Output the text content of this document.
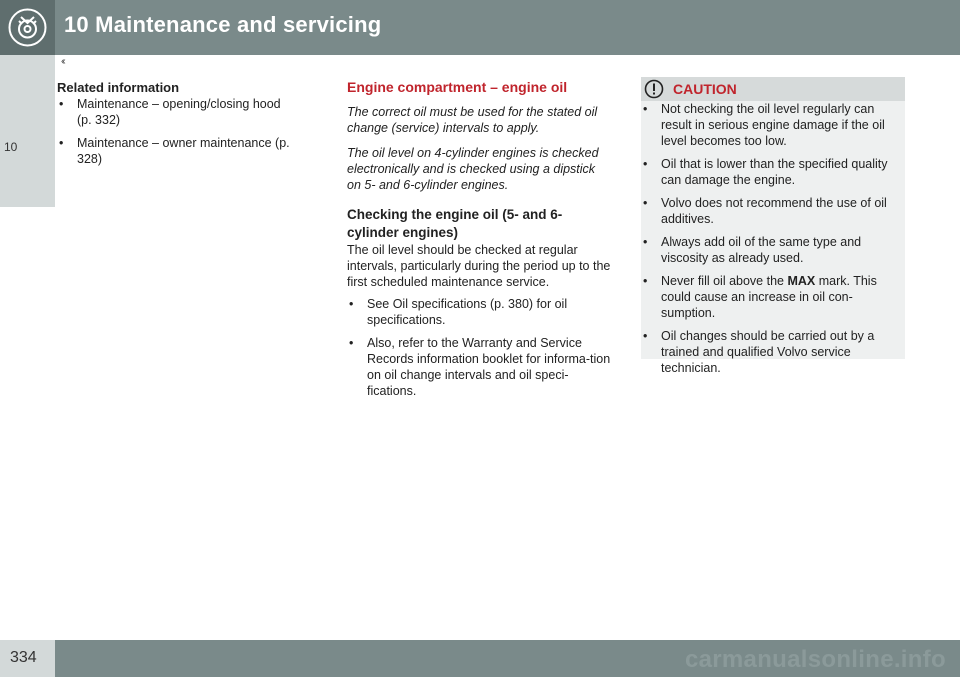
10 Maintenance and servicing
10
‹‹
Related information
• Maintenance – opening/closing hood (p. 332)
• Maintenance – owner maintenance (p. 328)
Engine compartment – engine oil

The correct oil must be used for the stated oil change (service) intervals to apply.

The oil level on 4-cylinder engines is checked electronically and is checked using a dipstick on 5- and 6-cylinder engines.

Checking the engine oil (5- and 6-cylinder engines)

The oil level should be checked at regular intervals, particularly during the period up to the first scheduled maintenance service.

• See Oil specifications (p. 380) for oil specifications.
• Also, refer to the Warranty and Service Records information booklet for informa-tion on oil change intervals and oil speci-fications.
CAUTION
• Not checking the oil level regularly can result in serious engine damage if the oil level becomes too low.
• Oil that is lower than the specified quality can damage the engine.
• Volvo does not recommend the use of oil additives.
• Always add oil of the same type and viscosity as already used.
• Never fill oil above the MAX mark. This could cause an increase in oil con-sumption.
• Oil changes should be carried out by a trained and qualified Volvo service technician.
334	carmanualsonline.info
